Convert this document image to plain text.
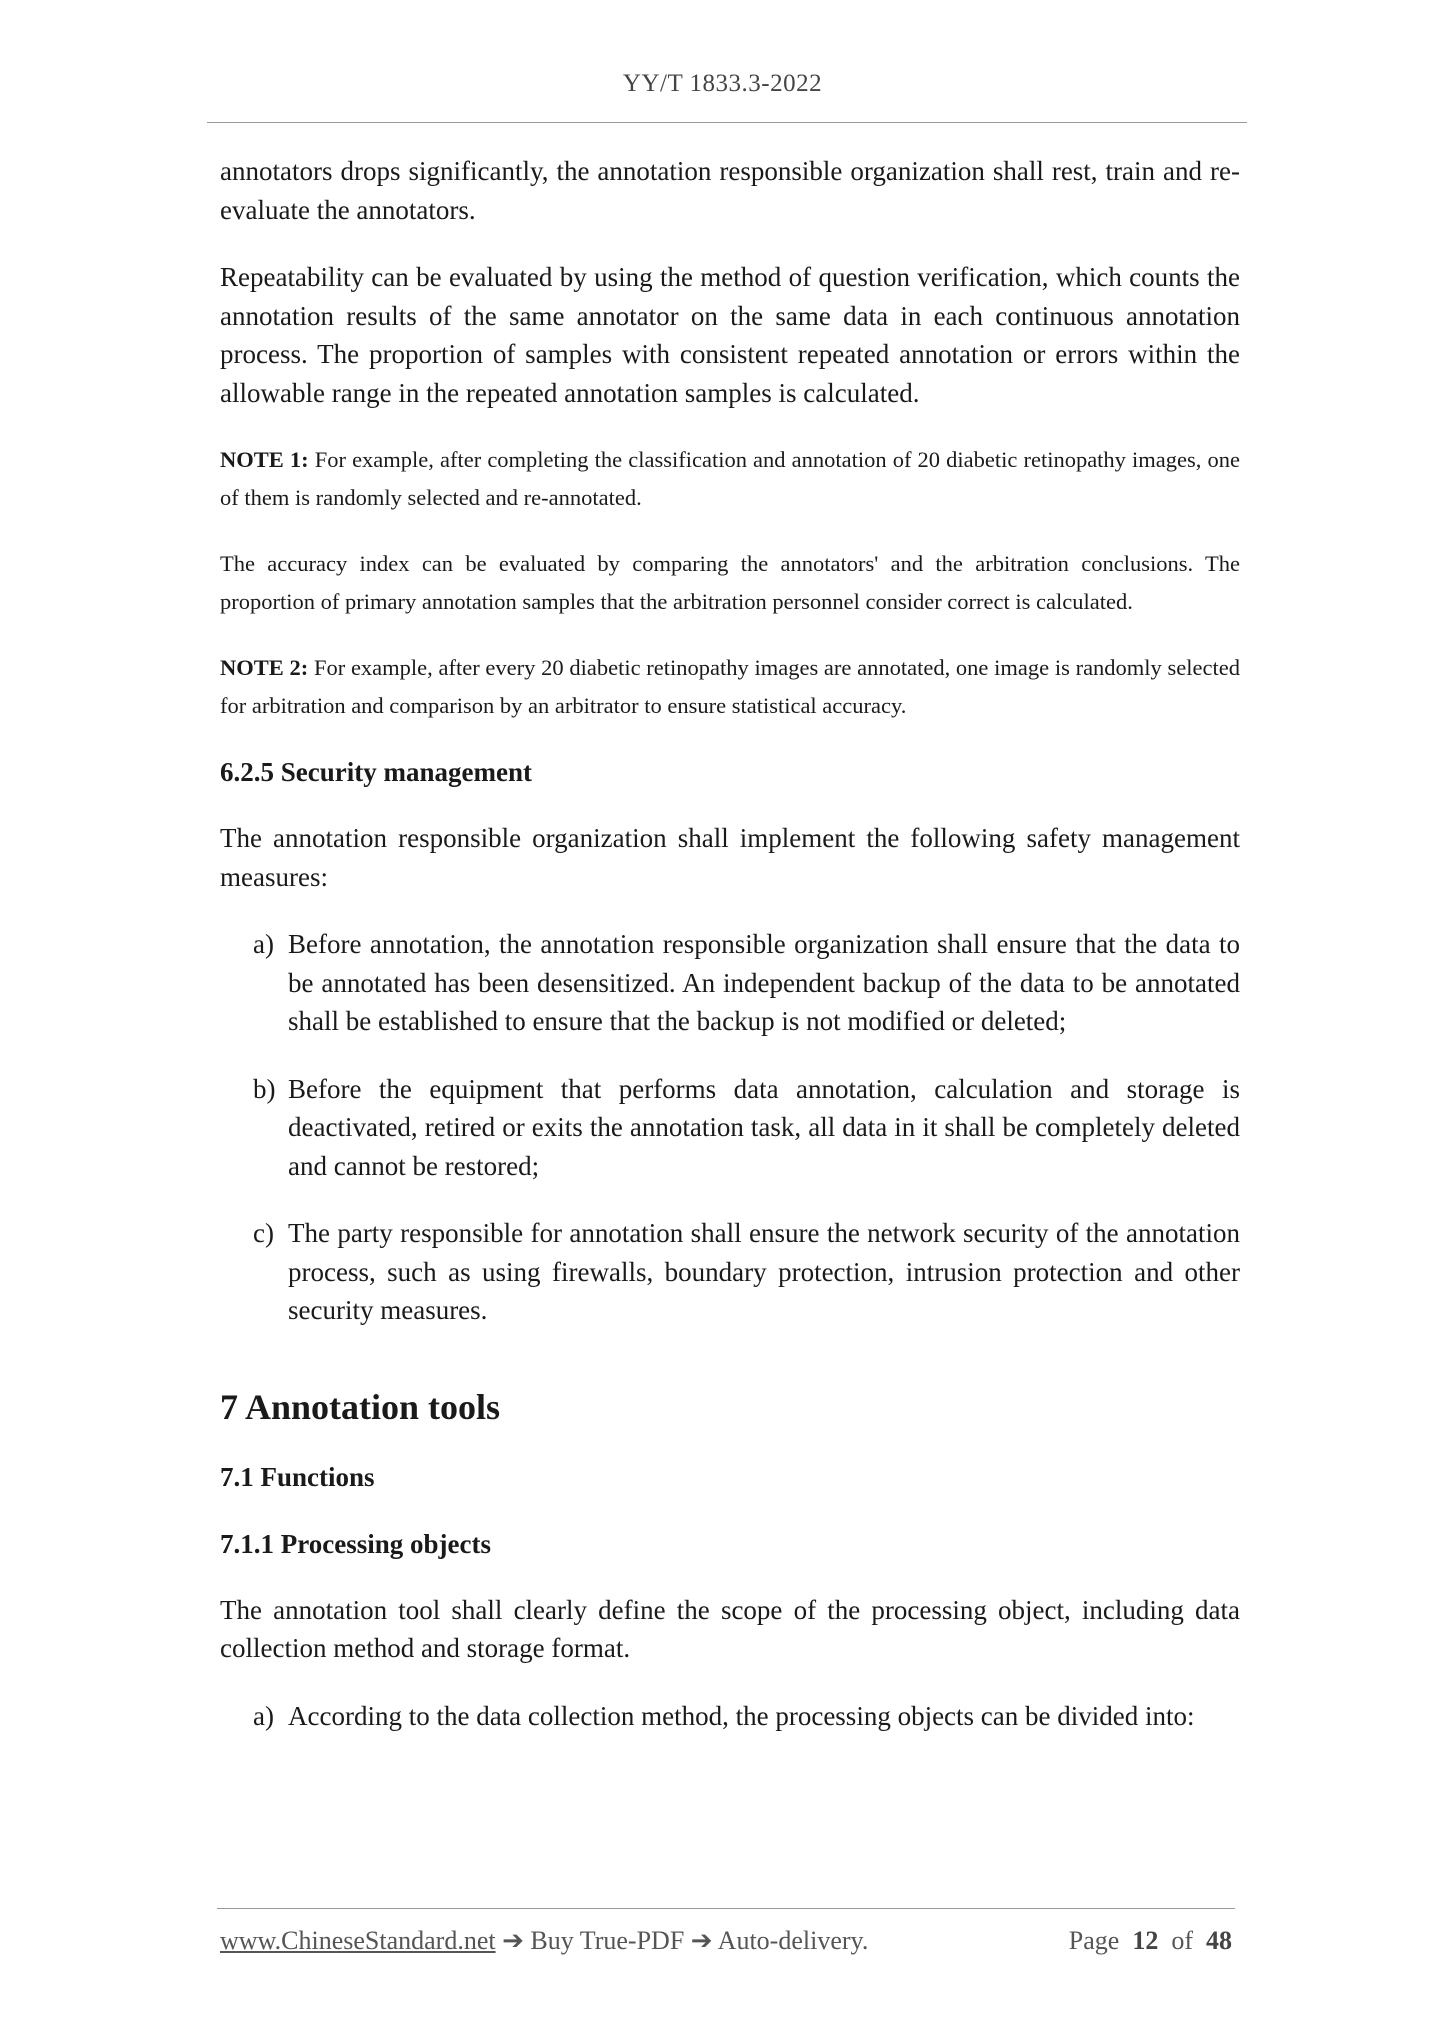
YY/T 1833.3-2022

annotators drops significantly, the annotation responsible organization shall rest, train and re-evaluate the annotators.

Repeatability can be evaluated by using the method of question verification, which counts the annotation results of the same annotator on the same data in each continuous annotation process. The proportion of samples with consistent repeated annotation or errors within the allowable range in the repeated annotation samples is calculated.

NOTE 1: For example, after completing the classification and annotation of 20 diabetic retinopathy images, one of them is randomly selected and re-annotated.

The accuracy index can be evaluated by comparing the annotators' and the arbitration conclusions. The proportion of primary annotation samples that the arbitration personnel consider correct is calculated.

NOTE 2: For example, after every 20 diabetic retinopathy images are annotated, one image is randomly selected for arbitration and comparison by an arbitrator to ensure statistical accuracy.

6.2.5 Security management

The annotation responsible organization shall implement the following safety management measures:

a) Before annotation, the annotation responsible organization shall ensure that the data to be annotated has been desensitized. An independent backup of the data to be annotated shall be established to ensure that the backup is not modified or deleted;
b) Before the equipment that performs data annotation, calculation and storage is deactivated, retired or exits the annotation task, all data in it shall be completely deleted and cannot be restored;
c) The party responsible for annotation shall ensure the network security of the annotation process, such as using firewalls, boundary protection, intrusion protection and other security measures.

7 Annotation tools

7.1 Functions

7.1.1 Processing objects

The annotation tool shall clearly define the scope of the processing object, including data collection method and storage format.

a) According to the data collection method, the processing objects can be divided into:
www.ChineseStandard.net ➔ Buy True-PDF ➔ Auto-delivery.	Page 12 of 48
